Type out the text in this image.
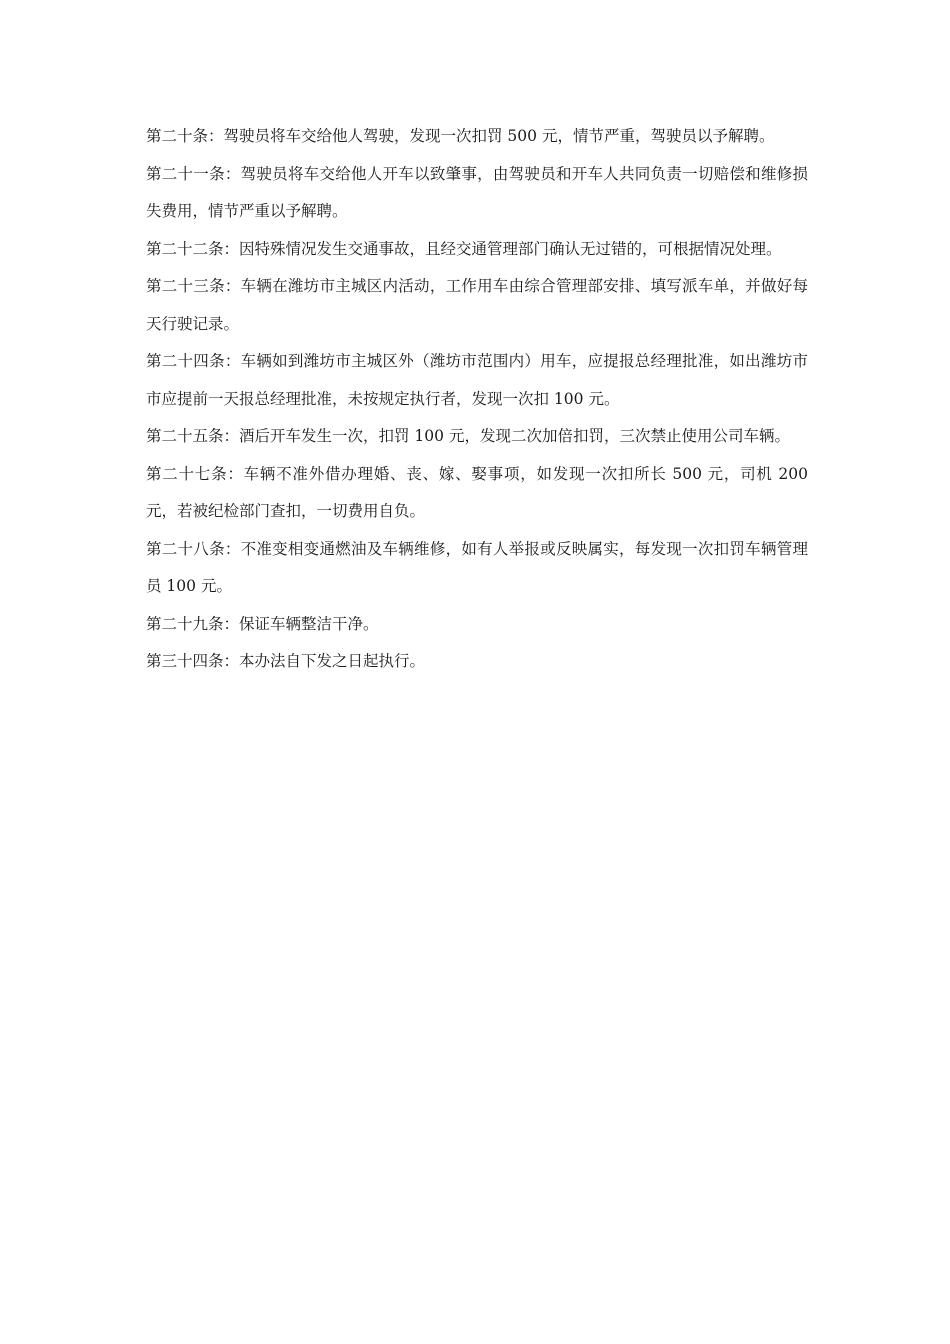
第二十条：驾驶员将车交给他人驾驶，发现一次扣罚 500 元，情节严重，驾驶员以予解聘。

第二十一条：驾驶员将车交给他人开车以致肇事，由驾驶员和开车人共同负责一切赔偿和维修损失费用，情节严重以予解聘。

第二十二条：因特殊情况发生交通事故，且经交通管理部门确认无过错的，可根据情况处理。

第二十三条：车辆在潍坊市主城区内活动，工作用车由综合管理部安排、填写派车单，并做好每天行驶记录。

第二十四条：车辆如到潍坊市主城区外（潍坊市范围内）用车，应提报总经理批准，如出潍坊市市应提前一天报总经理批准，未按规定执行者，发现一次扣 100 元。

第二十五条：酒后开车发生一次，扣罚 100 元，发现二次加倍扣罚，三次禁止使用公司车辆。

第二十七条：车辆不准外借办理婚、丧、嫁、娶事项，如发现一次扣所长 500 元，司机 200 元，若被纪检部门查扣，一切费用自负。

第二十八条：不准变相变通燃油及车辆维修，如有人举报或反映属实，每发现一次扣罚车辆管理员 100 元。

第二十九条：保证车辆整洁干净。

第三十四条：本办法自下发之日起执行。
